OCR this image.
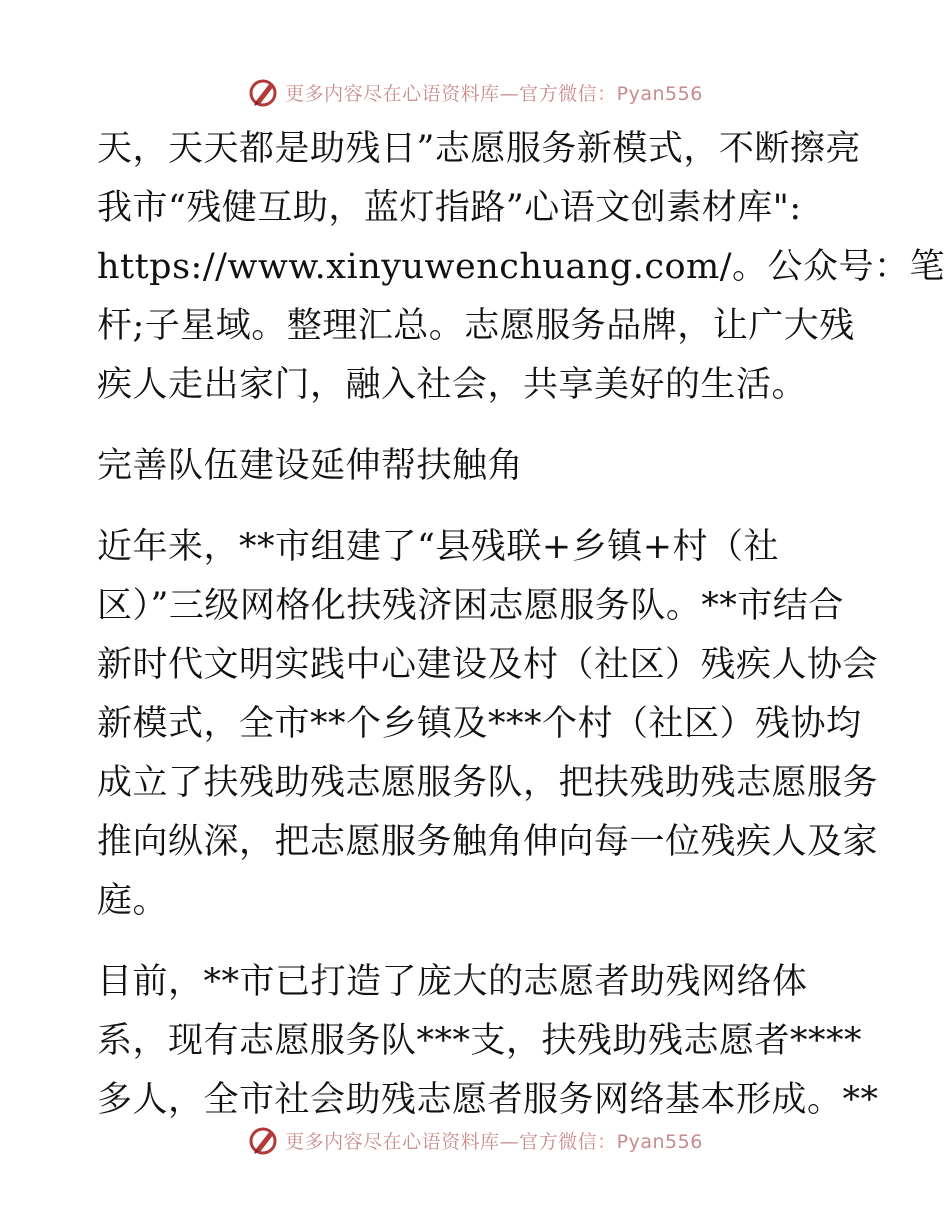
更多内容尽在心语资料库—官方微信：Pyan556
天，天天都是助残日”志愿服务新模式，不断擦亮
我市“残健互助，蓝灯指路”心语文创素材库":
https://www.xinyuwenchuang.com/。公众号：笔
杆;子星域。整理汇总。志愿服务品牌，让广大残
疾人走出家门，融入社会，共享美好的生活。
完善队伍建设延伸帮扶触角
近年来，**市组建了“县残联+乡镇+村（社
区）”三级网格化扶残济困志愿服务队。**市结合
新时代文明实践中心建设及村（社区）残疾人协会
新模式，全市**个乡镇及***个村（社区）残协均
成立了扶残助残志愿服务队，把扶残助残志愿服务
推向纵深，把志愿服务触角伸向每一位残疾人及家
庭。
目前，**市已打造了庞大的志愿者助残网络体
系，现有志愿服务队***支，扶残助残志愿者****
多人，全市社会助残志愿者服务网络基本形成。**
更多内容尽在心语资料库—官方微信：Pyan556
